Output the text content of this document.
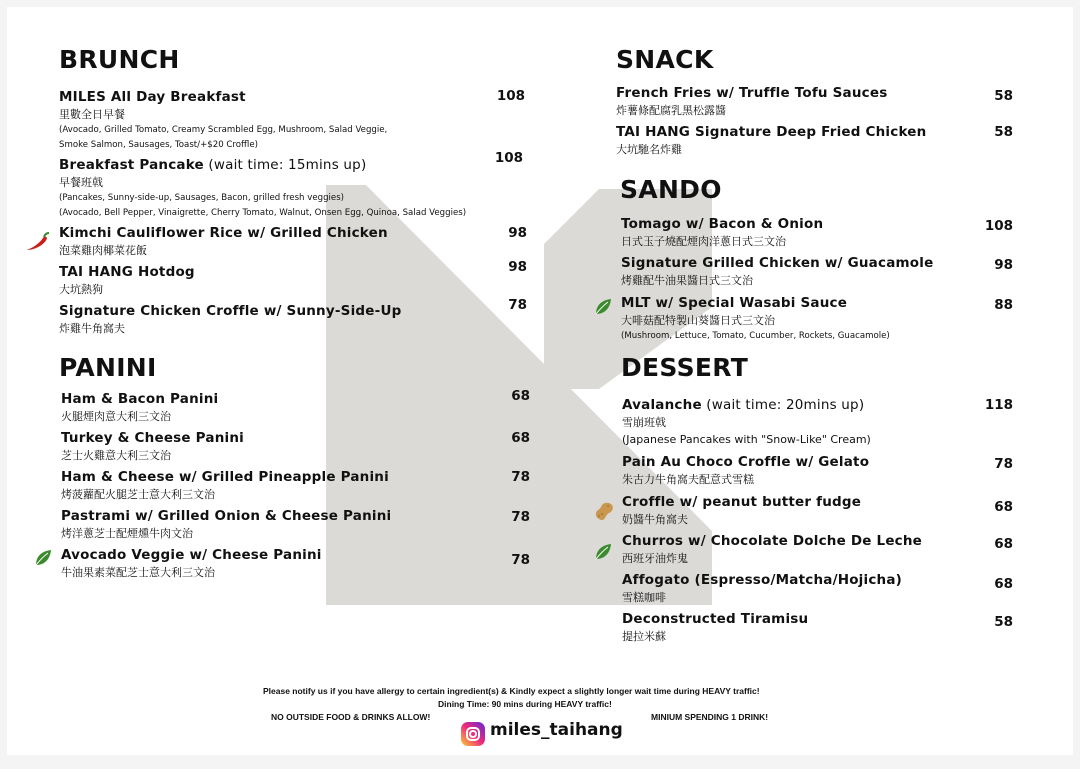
BRUNCH
PANINI
SNACK
SANDO
DESSERT
MILES All Day Breakfast
里數全日早餐
(Avocado, Grilled Tomato, Creamy Scrambled Egg, Mushroom, Salad Veggie,
Smoke Salmon, Sausages, Toast/+$20 Croffle)
108
Breakfast Pancake (wait time: 15mins up)
早餐班戟
(Pancakes, Sunny-side-up, Sausages, Bacon, grilled fresh veggies)
(Avocado, Bell Pepper, Vinaigrette, Cherry Tomato, Walnut, Onsen Egg, Quinoa, Salad Veggies)
108
Kimchi Cauliflower Rice w/ Grilled Chicken
泡菜雞肉椰菜花飯
98
TAI HANG Hotdog
大坑熱狗
98
Signature Chicken Croffle w/ Sunny-Side-Up
炸雞牛角窩夫
78
Ham & Bacon Panini
火腿煙肉意大利三文治
68
Turkey & Cheese Panini
芝士火雞意大利三文治
68
Ham & Cheese w/ Grilled Pineapple Panini
烤菠蘿配火腿芝士意大利三文治
78
Pastrami w/ Grilled Onion & Cheese Panini
烤洋蔥芝士配煙燻牛肉文治
78
Avocado Veggie w/ Cheese Panini
牛油果素菜配芝士意大利三文治
78
French Fries w/ Truffle Tofu Sauces
炸薯條配腐乳黑松露醬
58
TAI HANG Signature Deep Fried Chicken
大坑馳名炸雞
58
Tomago w/ Bacon & Onion
日式玉子燒配煙肉洋蔥日式三文治
108
Signature Grilled Chicken w/ Guacamole
烤雞配牛油果醬日式三文治
98
MLT w/ Special Wasabi Sauce
大啡菇配特製山葵醬日式三文治
(Mushroom, Lettuce, Tomato, Cucumber, Rockets, Guacamole)
88
Avalanche (wait time: 20mins up)
雪崩班戟
(Japanese Pancakes with "Snow-Like" Cream)
118
Pain Au Choco Croffle w/ Gelato
朱古力牛角窩夫配意式雪糕
78
Croffle w/ peanut butter fudge
奶醬牛角窩夫
68
Churros w/ Chocolate Dolche De Leche
西班牙油炸鬼
68
Affogato (Espresso/Matcha/Hojicha)
雪糕咖啡
68
Deconstructed Tiramisu
提拉米蘇
58
Please notify us if you have allergy to certain ingredient(s) & Kindly expect a slightly longer wait time during HEAVY traffic!
Dining Time: 90 mins during HEAVY traffic!
NO OUTSIDE FOOD & DRINKS ALLOW!	MINIUM SPENDING 1 DRINK!
miles_taihang
